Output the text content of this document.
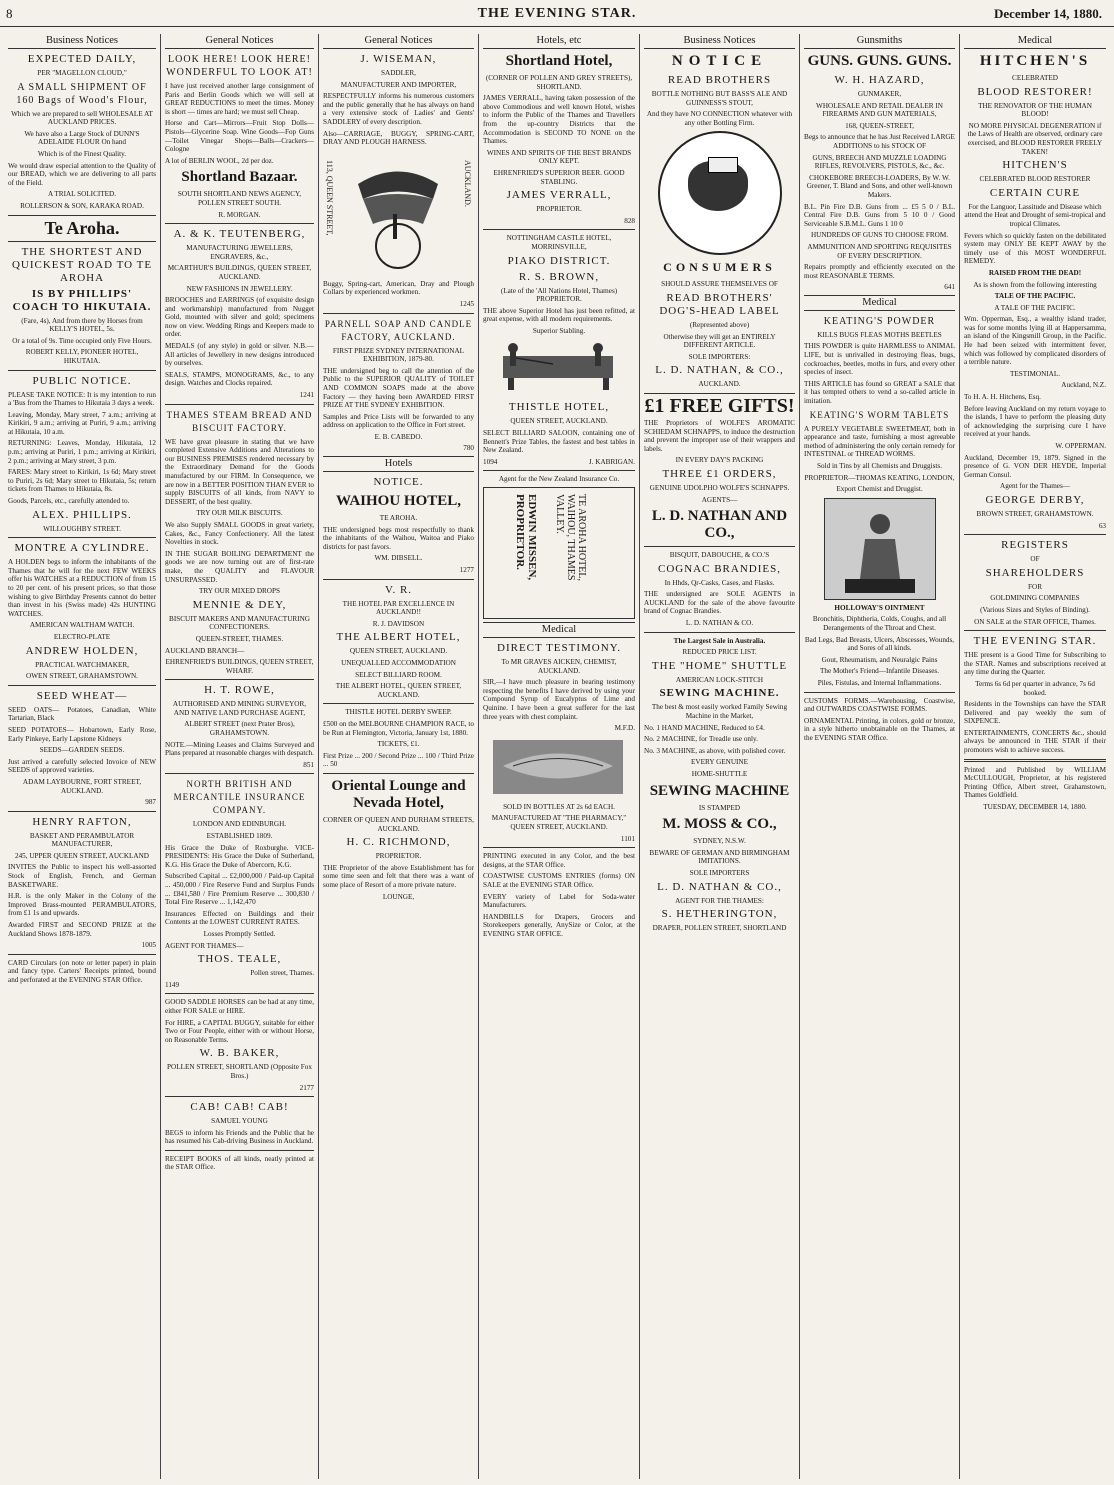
8	THE EVENING STAR.	December 14, 1880.
Business Notices
EXPECTED DAILY,
PER "MAGELLON CLOUD,"
A SMALL SHIPMENT OF 160 Bags of Wood's Flour,
Which we are prepared to sell WHOLESALE AT AUCKLAND PRICES.
We have also a Large Stock of DUNN'S ADELAIDE FLOUR On hand
Which is of the Finest Quality.
We would draw especial attention to the Quality of our BREAD, which we are delivering to all parts of the Field.
A TRIAL SOLICITED.
ROLLERSON & SON, KARAKA ROAD.
Te Aroha.
THE SHORTEST AND QUICKEST ROAD TO TE AROHA
IS BY PHILLIPS' COACH TO HIKUTAIA.
(Fare, 4s), And from there by Horses from KELLY'S HOTEL, 5s.
Or a total of 9s. Time occupied only Five Hours.
ROBERT KELLY, PIONEER HOTEL, HIKUTAIA.
PUBLIC NOTICE.
PLEASE TAKE NOTICE: It is my intention to run a 'Bus from the Thames to Hikutaia 3 days a week.
Leaving, Monday, Mary street, 7 a.m.; arriving at Kirikiri, 9 a.m.; arriving at Puriri, 9 a.m.; arriving at Hikutaia, 10 a.m.
RETURNING: Leaves, Monday, Hikutaia, 12 p.m.; arriving at Puriri, 1 p.m.; arriving at Kirikiri, 2 p.m.; arriving at Mary street, 3 p.m.
FARES: Mary street to Kirikiri, 1s 6d; Mary street to Puriri, 2s 6d; Mary street to Hikutaia, 5s; return tickets from Thames to Hikutaia, 8s.
Goods, Parcels, etc., carefully attended to.
ALEX. PHILLIPS.
WILLOUGHBY STREET.
MONTRE A CYLINDRE.
A HOLDEN begs to inform the inhabitants of the Thames that he will for the next FEW WEEKS offer his WATCHES at a REDUCTION of from 15 to 20 per cent. of his present prices, so that those wishing to give Birthday Presents cannot do better than invest in his (Swiss made) 42s HUNTING WATCHES.
AMERICAN WALTHAM WATCH.
ELECTRO-PLATE
ANDREW HOLDEN,
PRACTICAL WATCHMAKER,
OWEN STREET, GRAHAMSTOWN.
SEED WHEAT—
SEED OATS— Potatoes, Canadian, White Tartarian, Black
SEED POTATOES— Hobartown, Early Rose, Early Pinkeye, Early Lapstone Kidneys
SEEDS—GARDEN SEEDS.
Just arrived a carefully selected Invoice of NEW SEEDS of approved varieties.
ADAM LAYBOURNE, FORT STREET, AUCKLAND.
987
HENRY RAFTON,
BASKET AND PERAMBULATOR MANUFACTURER,
245, UPPER QUEEN STREET, AUCKLAND
INVITES the Public to inspect his well-assorted Stock of English, French, and German BASKETWARE.
H.R. is the only Maker in the Colony of the Improved Brass-mounted PERAMBULATORS, from £1 1s and upwards.
Awarded FIRST and SECOND PRIZE at the Auckland Shows 1878-1879.
1005
CARD Circulars (on note or letter paper) in plain and fancy type. Carters' Receipts printed, bound and perforated at the EVENING STAR Office.
General Notices
LOOK HERE! LOOK HERE! WONDERFUL TO LOOK AT!
I have just received another large consignment of Paris and Berlin Goods which we will sell at GREAT REDUCTIONS to meet the times. Money is short — times are hard; we must sell Cheap.
Horse and Cart—Mirrors—Fruit Stop Dolls—Pistols—Glycerine Soap. Wine Goods—Fop Guns—Toilet Vinegar Shops—Balls—Crackers—Cologne
A lot of BERLIN WOOL, 2d per doz.
Shortland Bazaar.
SOUTH SHORTLAND NEWS AGENCY, POLLEN STREET SOUTH.
R. MORGAN.
A. & K. TEUTENBERG,
MANUFACTURING JEWELLERS, ENGRAVERS, &c.,
MCARTHUR'S BUILDINGS, QUEEN STREET, AUCKLAND.
NEW FASHIONS IN JEWELLERY.
BROOCHES and EARRINGS (of exquisite design and workmanship) manufactured from Nugget Gold, mounted with silver and gold; specimens now on view. Wedding Rings and Keepers made to order.
MEDALS (of any style) in gold or silver. N.B.—All articles of Jewellery in new designs introduced by ourselves.
SEALS, STAMPS, MONOGRAMS, &c., to any design. Watches and Clocks repaired.
1241
THAMES STEAM BREAD AND BISCUIT FACTORY.
WE have great pleasure in stating that we have completed Extensive Additions and Alterations to our BUSINESS PREMISES rendered necessary by the Extraordinary Demand for the Goods manufactured by our FIRM. In Consequence, we are now in a BETTER POSITION THAN EVER to supply BISCUITS of all kinds, from NAVY to DESSERT, of the best quality.
TRY OUR MILK BISCUITS.
We also Supply SMALL GOODS in great variety, Cakes, &c., Fancy Confectionery. All the latest Novelties in stock.
IN THE SUGAR BOILING DEPARTMENT the goods we are now turning out are of first-rate make, the QUALITY and FLAVOUR UNSURPASSED.
TRY OUR MIXED DROPS
MENNIE & DEY,
BISCUIT MAKERS AND MANUFACTURING CONFECTIONERS.
QUEEN-STREET, THAMES.
AUCKLAND BRANCH—
EHRENFRIED'S BUILDINGS, QUEEN STREET, WHARF.
H. T. ROWE,
AUTHORISED AND MINING SURVEYOR, AND NATIVE LAND PURCHASE AGENT,
ALBERT STREET (next Prater Bros), GRAHAMSTOWN.
NOTE.—Mining Leases and Claims Surveyed and Plans prepared at reasonable charges with despatch.
851
NORTH BRITISH AND MERCANTILE INSURANCE COMPANY.
LONDON AND EDINBURGH.
ESTABLISHED 1809.
His Grace the Duke of Roxburghe. VICE-PRESIDENTS: His Grace the Duke of Sutherland, K.G. His Grace the Duke of Abercorn, K.G.
Subscribed Capital ... £2,000,000 / Paid-up Capital ... 450,000 / Fire Reserve Fund and Surplus Funds ... £841,580 / Fire Premium Reserve ... 300,830 / Total Fire Reserve ... 1,142,470
Insurances Effected on Buildings and their Contents at the LOWEST CURRENT RATES.
Losses Promptly Settled.
AGENT FOR THAMES—
THOS. TEALE,
Pollen street, Thames.
1149
GOOD SADDLE HORSES can be had at any time, either FOR SALE or HIRE.
For HIRE, a CAPITAL BUGGY, suitable for either Two or Four People, either with or without Horse, on Reasonable Terms.
W. B. BAKER,
POLLEN STREET, SHORTLAND (Opposite Fox Bros.)
2177
CAB! CAB! CAB!
SAMUEL YOUNG
BEGS to inform his Friends and the Public that he has resumed his Cab-driving Business in Auckland.
RECEIPT BOOKS of all kinds, neatly printed at the STAR Office.
General Notices
J. WISEMAN,
SADDLER,
MANUFACTURER AND IMPORTER,
RESPECTFULLY informs his numerous customers and the public generally that he has always on hand a very extensive stock of Ladies' and Gents' SADDLERY of every description.
Also—CARRIAGE, BUGGY, SPRING-CART, DRAY AND PLOUGH HARNESS.
113, QUEEN STREET,	AUCKLAND.
Buggy, Spring-cart, American, Dray and Plough Collars by experienced workmen.
1245
PARNELL SOAP AND CANDLE FACTORY, AUCKLAND.
FIRST PRIZE SYDNEY INTERNATIONAL EXHIBITION, 1879-80.
THE undersigned beg to call the attention of the Public to the SUPERIOR QUALITY of TOILET AND COMMON SOAPS made at the above Factory — they having been AWARDED FIRST PRIZE AT THE SYDNEY EXHIBITION.
Samples and Price Lists will be forwarded to any address on application to the Office in Fort street.
E. B. CABEDO.
780
Hotels
NOTICE.
WAIHOU HOTEL,
TE AROHA.
THE undersigned begs most respectfully to thank the inhabitants of the Waihou, Waitoa and Piako districts for past favors.
WM. DIBSELL.
1277
V. R.
THE HOTEL PAR EXCELLENCE IN AUCKLAND!!
R. J. DAVIDSON
THE ALBERT HOTEL,
QUEEN STREET, AUCKLAND.
UNEQUALLED ACCOMMODATION
SELECT BILLIARD ROOM.
THE ALBERT HOTEL, QUEEN STREET, AUCKLAND.
THISTLE HOTEL DERBY SWEEP.
£500 on the MELBOURNE CHAMPION RACE, to be Run at Flemington, Victoria, January 1st, 1880.
TICKETS, £1.
First Prize ... 200 / Second Prize ... 100 / Third Prize ... 50
Oriental Lounge and Nevada Hotel,
CORNER OF QUEEN AND DURHAM STREETS, AUCKLAND.
H. C. RICHMOND,
PROPRIETOR.
THE Proprietor of the above Establishment has for some time seen and felt that there was a want of some place of Resort of a more private nature.
LOUNGE,
Hotels, etc
Shortland Hotel,
(CORNER OF POLLEN AND GREY STREETS), SHORTLAND.
JAMES VERRALL, having taken possession of the above Commodious and well known Hotel, wishes to inform the Public of the Thames and Travellers from the up-country Districts that the Accommodation is SECOND TO NONE on the Thames.
WINES AND SPIRITS OF THE BEST BRANDS ONLY KEPT.
EHRENFRIED'S SUPERIOR BEER. GOOD STABLING.
JAMES VERRALL,
PROPRIETOR.
828
NOTTINGHAM CASTLE HOTEL, MORRINSVILLE,
PIAKO DISTRICT.
R. S. BROWN,
(Late of the 'All Nations Hotel, Thames) PROPRIETOR.
THE above Superior Hotel has just been refitted, at great expense, with all modern requirements.
Superior Stabling.
THISTLE HOTEL,
QUEEN STREET, AUCKLAND.
SELECT BILLIARD SALOON, containing one of Bennett's Prize Tables, the fastest and best tables in New Zealand.
1094	J. KABRIGAN.
Agent for the New Zealand Insurance Co.
EDWIN MISSEN, PROPRIETOR.	TE AROHA HOTEL, WAIHOU, THAMES VALLEY.
Medical
DIRECT TESTIMONY.
To MR GRAVES AICKEN, CHEMIST, AUCKLAND.
SIR,—I have much pleasure in bearing testimony respecting the benefits I have derived by using your Compound Syrup of Eucalyptus of Lime and Quinine. I have been a great sufferer for the last three years with chest complaint.
M.F.D.
SOLD IN BOTTLES AT 2s 6d EACH.
MANUFACTURED AT "THE PHARMACY," QUEEN STREET, AUCKLAND.
1101
PRINTING executed in any Color, and the best designs, at the STAR Office.
COASTWISE CUSTOMS ENTRIES (forms) ON SALE at the EVENING STAR Office.
EVERY variety of Label for Soda-water Manufacturers.
HANDBILLS for Drapers, Grocers and Storekeepers generally, AnySize or Color, at the EVENING STAR OFFICE.
Business Notices
NOTICE
READ BROTHERS
BOTTLE NOTHING BUT BASS'S ALE AND GUINNESS'S STOUT,
And they have NO CONNECTION whatever with any other Bottling Firm.
CONSUMERS
SHOULD ASSURE THEMSELVES OF
READ BROTHERS' DOG'S-HEAD LABEL
(Represented above)
Otherwise they will get an ENTIRELY DIFFERENT ARTICLE.
SOLE IMPORTERS:
L. D. NATHAN, & CO.,
AUCKLAND.
£1 FREE GIFTS!
THE Proprietors of WOLFE'S AROMATIC SCHIEDAM SCHNAPPS, to induce the destruction and prevent the improper use of their wrappers and labels.
IN EVERY DAY'S PACKING
THREE £1 ORDERS,
GENUINE UDOLPHO WOLFE'S SCHNAPPS.
AGENTS—
L. D. NATHAN AND CO.,
BISQUIT, DABOUCHE, & CO.'S
COGNAC BRANDIES,
In Hhds, Qr-Casks, Cases, and Flasks.
THE undersigned are SOLE AGENTS in AUCKLAND for the sale of the above favourite brand of Cognac Brandies.
L. D. NATHAN & CO.
The Largest Sale in Australia.
REDUCED PRICE LIST.
THE "HOME" SHUTTLE
AMERICAN LOCK-STITCH
SEWING MACHINE.
The best & most easily worked Family Sewing Machine in the Market,
No. 1 HAND MACHINE, Reduced to £4.
No. 2 MACHINE, for Treadle use only.
No. 3 MACHINE, as above, with polished cover.
EVERY GENUINE
HOME-SHUTTLE
SEWING MACHINE
IS STAMPED
M. MOSS & CO.,
SYDNEY, N.S.W.
BEWARE OF GERMAN AND BIRMINGHAM IMITATIONS.
SOLE IMPORTERS
L. D. NATHAN & CO.,
AGENT FOR THE THAMES:
S. HETHERINGTON,
DRAPER, POLLEN STREET, SHORTLAND
Gunsmiths
GUNS. GUNS. GUNS.
W. H. HAZARD,
GUNMAKER,
WHOLESALE AND RETAIL DEALER IN FIREARMS AND GUN MATERIALS,
168, QUEEN-STREET,
Begs to announce that he has Just Received LARGE ADDITIONS to his STOCK OF
GUNS, BREECH AND MUZZLE LOADING RIFLES, REVOLVERS, PISTOLS, &c., &c.
CHOKEBORE BREECH-LOADERS, By W. W. Greener, T. Bland and Sons, and other well-known Makers.
B.L. Pin Fire D.B. Guns from ... £5 5 0 / B.L. Central Fire D.B. Guns from 5 10 0 / Good Serviceable S.B.M.L. Guns 1 10 0
HUNDREDS OF GUNS TO CHOOSE FROM.
AMMUNITION AND SPORTING REQUISITES OF EVERY DESCRIPTION.
Repairs promptly and efficiently executed on the most REASONABLE TERMS.
641
Medical
KEATING'S POWDER
KILLS BUGS FLEAS MOTHS BEETLES
THIS POWDER is quite HARMLESS to ANIMAL LIFE, but is unrivalled in destroying fleas, bugs, cockroaches, beetles, moths in furs, and every other species of insect.
THIS ARTICLE has found so GREAT a SALE that it has tempted others to vend a so-called article in imitation.
KEATING'S WORM TABLETS
A PURELY VEGETABLE SWEETMEAT, both in appearance and taste, furnishing a most agreeable method of administering the only certain remedy for INTESTINAL or THREAD WORMS.
Sold in Tins by all Chemists and Druggists.
PROPRIETOR—THOMAS KEATING, LONDON,
Export Chemist and Druggist.
HOLLOWAY'S OINTMENT
Bronchitis, Diphtheria, Colds, Coughs, and all Derangements of the Throat and Chest.
Bad Legs, Bad Breasts, Ulcers, Abscesses, Wounds, and Sores of all kinds.
Gout, Rheumatism, and Neuralgic Pains
The Mother's Friend—Infantile Diseases.
Piles, Fistulas, and Internal Inflammations.
CUSTOMS FORMS.—Warehousing, Coastwise, and OUTWARDS COASTWISE FORMS.
ORNAMENTAL Printing, in colors, gold or bronze, in a style hitherto unobtainable on the Thames, at the EVENING STAR Office.
Medical
HITCHEN'S
CELEBRATED
BLOOD RESTORER!
THE RENOVATOR OF THE HUMAN BLOOD!
NO MORE PHYSICAL DEGENERATION if the Laws of Health are observed, ordinary care exercised, and BLOOD RESTORER FREELY TAKEN!
HITCHEN'S
CELEBRATED BLOOD RESTORER
CERTAIN CURE
For the Languor, Lassitude and Disease which attend the Heat and Drought of semi-tropical and tropical Climates.
Fevers which so quickly fasten on the debilitated system may ONLY BE KEPT AWAY by the timely use of this MOST WONDERFUL REMEDY.
RAISED FROM THE DEAD!
As is shown from the following interesting
TALE OF THE PACIFIC.
A TALE OF THE PACIFIC.
Wm. Opperman, Esq., a wealthy island trader, was for some months lying ill at Happersamma, an island of the Kingsmill Group, in the Pacific. He had been seized with intermittent fever, which was followed by complicated disorders of a terrible nature.
TESTIMONIAL.
Auckland, N.Z.
To H. A. H. Hitchens, Esq.
Before leaving Auckland on my return voyage to the islands, I have to perform the pleasing duty of acknowledging the surprising cure I have received at your hands.
W. OPPERMAN.
Auckland, December 19, 1879. Signed in the presence of G. VON DER HEYDE, Imperial German Consul.
Agent for the Thames—
GEORGE DERBY,
BROWN STREET, GRAHAMSTOWN.
63
REGISTERS
OF
SHAREHOLDERS
FOR
GOLDMINING COMPANIES
(Various Sizes and Styles of Binding).
ON SALE at the STAR OFFICE, Thames.
THE EVENING STAR.
THE present is a Good Time for Subscribing to the STAR. Names and subscriptions received at any time during the Quarter.
Terms 6s 6d per quarter in advance, 7s 6d booked.
Residents in the Townships can have the STAR Delivered and pay weekly the sum of SIXPENCE.
ENTERTAINMENTS, CONCERTS &c., should always be announced in THE STAR if their promoters wish to achieve success.
Printed and Published by WILLIAM McCULLOUGH, Proprietor, at his registered Printing Office, Albert street, Grahamstown, Thames Goldfield.
TUESDAY, DECEMBER 14, 1880.
